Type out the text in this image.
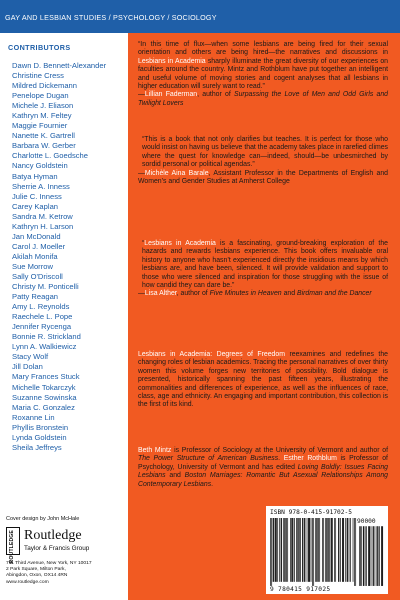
GAY AND LESBIAN STUDIES / PSYCHOLOGY / SOCIOLOGY
CONTRIBUTORS
Dawn D. Bennett-Alexander
Christine Cress
Mildred Dickemann
Penelope Dugan
Michele J. Eliason
Kathryn M. Feltey
Maggie Fournier
Nanette K. Gartrell
Barbara W. Gerber
Charlotte L. Goedsche
Nancy Goldstein
Batya Hyman
Sherrie A. Inness
Julie C. Inness
Carey Kaplan
Sandra M. Ketrow
Kathryn H. Larson
Jan McDonald
Carol J. Moeller
Akilah Monifa
Sue Morrow
Sally O'Driscoll
Christy M. Ponticelli
Patty Reagan
Amy L. Reynolds
Raechele L. Pope
Jennifer Rycenga
Bonnie R. Strickland
Lynn A. Walkiewicz
Stacy Wolf
Jill Dolan
Mary Frances Stuck
Michelle Tokarczyk
Suzanne Sowinska
Maria C. Gonzalez
Roxanne Lin
Phyllis Bronstein
Lynda Goldstein
Sheila Jeffreys
Cover design by John McHale
ROUTLEDGE Routledge
Taylor & Francis Group
711 Third Avenue, New York, NY 10017
2 Park Square, Milton Park,
Abingdon, Oxon, OX14 4RN
www.routledge.com

“In this time of flux—when some lesbians are being fired for their sexual orientation and others are being hired—the narratives and discussions in Lesbians in Academia sharply illuminate the great diversity of our experiences on faculties around the country. Mintz and Rothblum have put together an intelligent and useful volume of moving stories and cogent analyses that all lesbians in higher education will surely want to read.”

—Lillian Faderman, author of Surpassing the Love of Men and Odd Girls and Twilight Lovers

“This is a book that not only clarifies but teaches. It is perfect for those who would insist on having us believe that the academy takes place in rarefied climes where the quest for knowledge can—indeed, should—be unbesmirched by sordid personal or political agendas.”

—Michèle Aina Barale, Assistant Professor in the Departments of English and Women’s and Gender Studies at Amherst College

“Lesbians in Academia is a fascinating, ground-breaking exploration of the hazards and rewards lesbians experience. This book offers invaluable oral history to anyone who hasn’t experienced directly the insidious means by which lesbians are, and have been, silenced. It will provide validation and support to those who were silenced and inspiration for those struggling with the issue of how candid they can dare be.”

—Lisa Alther, author of Five Minutes in Heaven and Birdman and the Dancer

Lesbians in Academia: Degrees of Freedom reexamines and redefines the changing roles of lesbian academics. Tracing the personal narratives of over thirty women this volume forges new territories of possibility. Bold dialogue is presented, historically spanning the past fifteen years, illustrating the commonalities and differences of experience, as well as the influences of race, class, age and ethnicity. An engaging and important contribution, this collection is the first of its kind.

Beth Mintz is Professor of Sociology at the University of Vermont and author of The Power Structure of American Business. Esther Rothblum is Professor of Psychology, University of Vermont and has edited Loving Boldly: Issues Facing Lesbians and Boston Marriages: Romantic But Asexual Relationships Among Contemporary Lesbians.

ISBN 978-0-415-91702-5
90000
9 780415 917025
